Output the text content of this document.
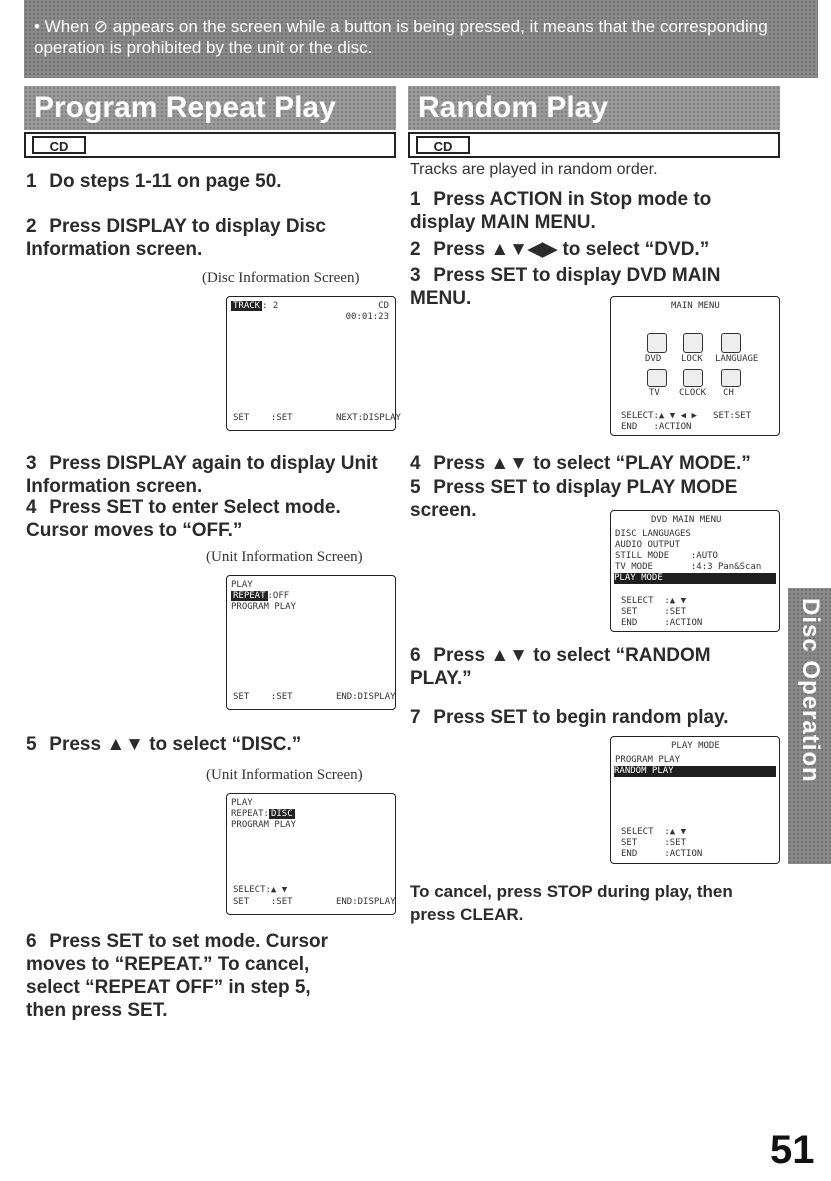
• When ⊘ appears on the screen while a button is being pressed, it means that the corresponding operation is prohibited by the unit or the disc.
Program Repeat Play
CD
1 Do steps 1-11 on page 50.
2 Press DISPLAY to display Disc Information screen.
(Disc Information Screen)
TRACK : 2	CD
00:01:23
SET    :SET        NEXT:DISPLAY
3 Press DISPLAY again to display Unit Information screen.
4 Press SET to enter Select mode. Cursor moves to “OFF.”
(Unit Information Screen)
PLAY
REPEAT :OFF
PROGRAM PLAY
SET    :SET        END:DISPLAY
5 Press ▲▼ to select “DISC.”
(Unit Information Screen)
PLAY
REPEAT: DISC
PROGRAM PLAY
SELECT:▲ ▼
SET    :SET        END:DISPLAY
6 Press SET to set mode. Cursor moves to “REPEAT.” To cancel, select “REPEAT OFF” in step 5, then press SET.
Random Play
CD
Tracks are played in random order.
1 Press ACTION in Stop mode to display MAIN MENU.
2 Press ▲▼◀▶ to select “DVD.”
3 Press SET to display DVD MAIN MENU.	MAIN MENU
DVD LOCK LANGUAGE
TV CLOCK CH
SELECT:▲ ▼ ◀ ▶   SET:SET
END   :ACTION
4 Press ▲▼ to select “PLAY MODE.”
5 Press SET to display PLAY MODE screen.	DVD MAIN MENU
DISC LANGUAGES
AUDIO OUTPUT
STILL MODE    :AUTO
TV MODE       :4:3 Pan&Scan
PLAY MODE
SELECT  :▲ ▼
SET     :SET
END     :ACTION
6 Press ▲▼ to select “RANDOM PLAY.”
7 Press SET to begin random play.
PLAY MODE
PROGRAM PLAY
RANDOM PLAY
SELECT  :▲ ▼
SET     :SET
END     :ACTION
To cancel, press STOP during play, then press CLEAR.
Disc Operation
51
